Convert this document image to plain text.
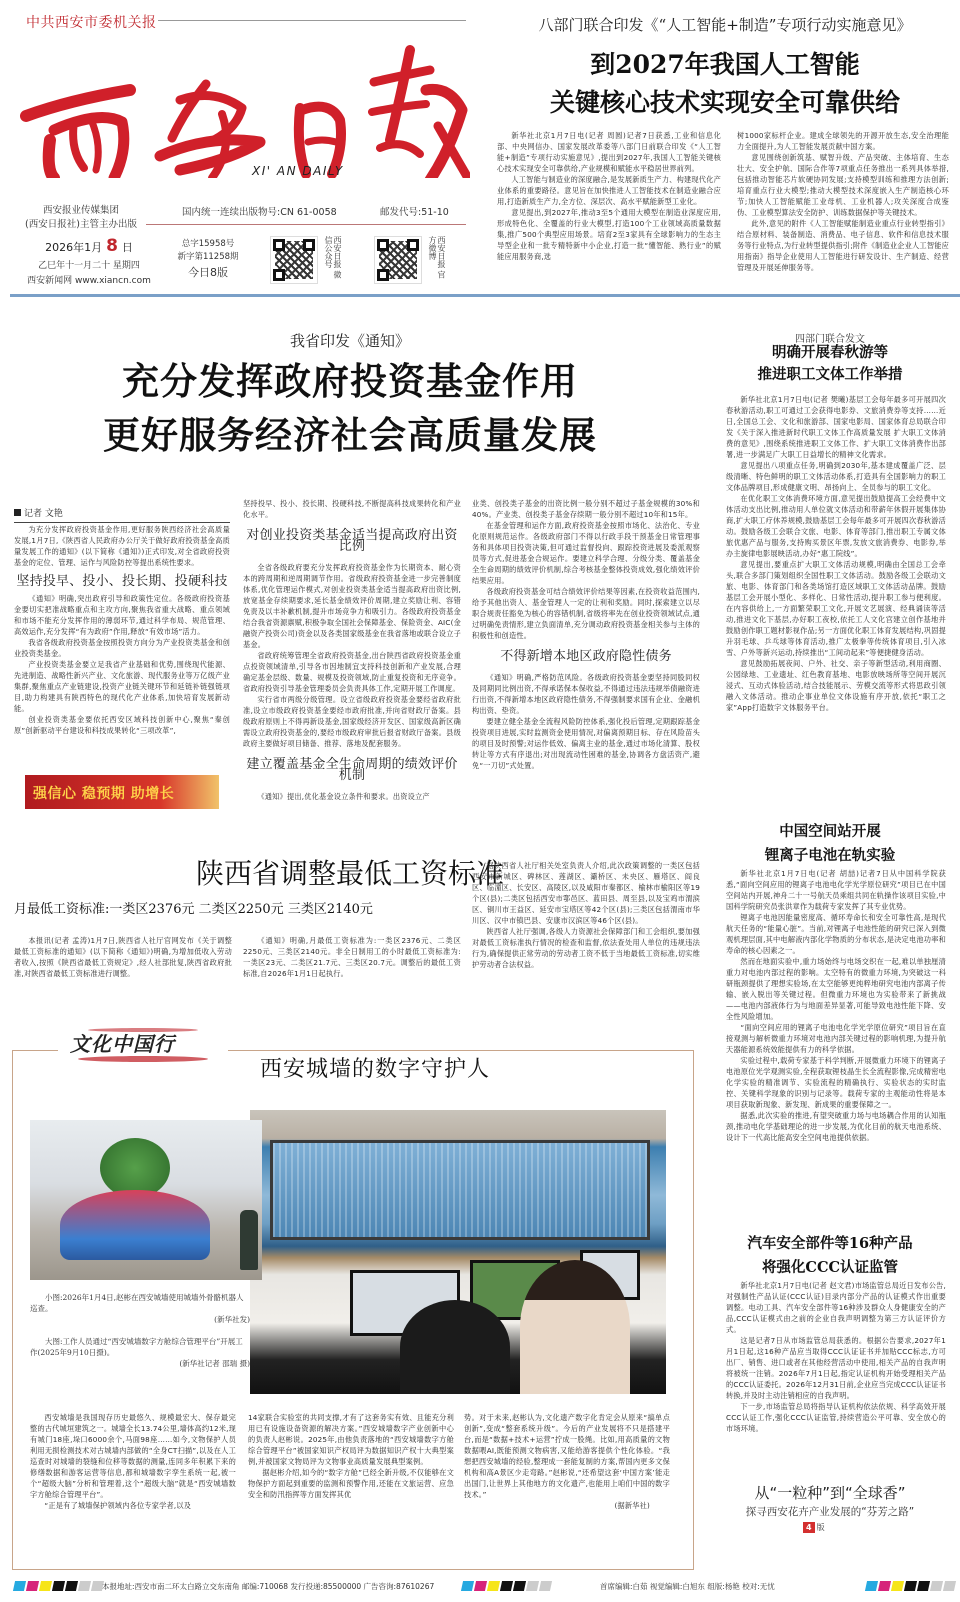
中共西安市委机关报
XI' AN DAILY
西安报业传媒集团
(西安日报社)主管主办出版
国内统一连续出版物号:CN 61-0058	邮发代号:51-10
2026年1月 8 日
乙巳年十一月二十 星期四
西安新闻网 www.xiancn.com
总字15958号
新字第11258期
今日8版	西安日报 微信公众号	西安日报 官方微博
八部门联合印发《“人工智能+制造”专项行动实施意见》
到2027年我国人工智能
关键核心技术实现安全可靠供给

新华社北京1月7日电(记者 周圆)记者7日获悉,工业和信息化部、中央网信办、国家发展改革委等八部门日前联合印发《“人工智能+制造”专项行动实施意见》,提出到2027年,我国人工智能关键核心技术实现安全可靠供给,产业规模和赋能水平稳居世界前列。

人工智能与制造业的深度融合,是发展新质生产力、构建现代化产业体系的重要路径。意见旨在加快推进人工智能技术在制造业融合应用,打造新质生产力,全方位、深层次、高水平赋能新型工业化。

意见提出,到2027年,推动3至5个通用大模型在制造业深度应用,形成特色化、全覆盖的行业大模型,打造100个工业领域高质量数据集,推广500个典型应用场景。培育2至3家具有全球影响力的生态主导型企业和一批专精特新中小企业,打造一批“懂智能、熟行业”的赋能应用服务商,选

树1000家标杆企业。建成全球领先的开源开放生态,安全治理能力全面提升,为人工智能发展贡献中国方案。

意见围绕创新筑基、赋智升级、产品突破、主体培育、生态壮大、安全护航、国际合作等7项重点任务推出一系列具体举措,包括推动智能芯片软硬协同发展;支持模型训练和推理方法创新;培育重点行业大模型;推动大模型技术深度嵌入生产制造核心环节;加快人工智能赋能工业母机、工业机器人;攻关深度合成鉴伪、工业模型算法安全防护、训练数据保护等关键技术。

此外,意见的附件《人工智能赋能制造业重点行业转型指引》结合原材料、装备制造、消费品、电子信息、软件和信息技术服务等行业特点,为行业转型提供指引;附件《制造业企业人工智能应用指南》指导企业使用人工智能进行研发设计、生产制造、经营管理及开展延伸服务等。

我省印发《通知》
充分发挥政府投资基金作用
更好服务经济社会高质量发展
记者 文艳

为充分发挥政府投资基金作用,更好服务陕西经济社会高质量发展,1月7日,《陕西省人民政府办公厅关于做好政府投资基金高质量发展工作的通知》(以下简称《通知》)正式印发,对全省政府投资基金的定位、管理、运作与风险防控等提出系统性要求。

坚持投早、投小、投长期、投硬科技

《通知》明确,突出政府引导和政策性定位。各级政府投资基金要切实把准战略重点和主攻方向,聚焦我省重大战略、重点领域和市场不能充分发挥作用的薄弱环节,通过科学布局、规范管理、高效运作,充分发挥“有为政府”作用,释放“有效市场”活力。

我省各级政府投资基金按照投资方向分为产业投资类基金和创业投资类基金。

产业投资类基金要立足我省产业基础和优势,围绕现代能源、先进制造、战略性新兴产业、文化旅游、现代服务业等万亿级产业集群,聚焦重点产业链建设,投资产业链关键环节和延链补链强链项目,助力构建具有陕西特色的现代化产业体系,加快培育发展新动能。

创业投资类基金要依托西安区域科技创新中心,聚焦“秦创原”创新驱动平台建设和科技成果转化“三项改革”,

强信心 稳预期 助增长

坚持投早、投小、投长期、投硬科技,不断提高科技成果转化和产业化水平。

对创业投资类基金适当提高政府出资比例

全省各级政府要充分发挥政府投资基金作为长期资本、耐心资本的跨周期和逆周期调节作用。省级政府投资基金进一步完善制度体系,优化管理运作模式,对创业投资类基金适当提高政府出资比例,放宽基金存续期要求,延长基金绩效评价周期,建立奖励让利、容错免责及以丰补歉机制,提升市场竞争力和吸引力。各级政府投资基金结合我省资源禀赋,积极争取全国社会保障基金、保险资金、AIC(金融资产投资公司)资金以及各类国家级基金在我省落地或联合设立子基金。

省政府统筹管理全省政府投资基金,出台陕西省政府投资基金重点投资领域清单,引导各市因地制宜支持科技创新和产业发展,合理确定基金层级、数量、规模及投资领域,防止重复投资和无序竞争。省政府投资引导基金管理委员会负责具体工作,定期开展工作调度。

实行省市两级分级管理。设立省级政府投资基金要经省政府批准,设立市级政府投资基金要经市政府批准,并向省财政厅备案。县级政府原则上不得再新设基金,国家级经济开发区、国家级高新区确需设立政府投资基金的,要经市级政府审批后报省财政厅备案。县级政府主要做好项目储备、推荐、落地及配套服务。

建立覆盖基金全生命周期的绩效评价机制

《通知》提出,优化基金设立条件和要求。出资设立产

业类、创投类子基金的出资比例一般分别不超过子基金规模的30%和40%。产业类、创投类子基金存续期一般分别不超过10年和15年。

在基金管理和运作方面,政府投资基金按照市场化、法治化、专业化原则规范运作。各级政府部门不得以行政手段干预基金日常管理事务和具体项目投资决策,但可通过监督投向、跟踪投资进展及委派观察员等方式,促进基金合规运作。要建立科学合理、分级分类、覆盖基金全生命周期的绩效评价机制,综合考核基金整体投资成效,强化绩效评价结果应用。

各级政府投资基金可结合绩效评价结果等因素,在投资收益范围内,给予其他出资人、基金管理人一定的让利和奖励。同时,探索建立以尽职合规责任豁免为核心的容错机制,省级将率先在创业投资领域试点,通过明确免责情形,建立负面清单,充分调动政府投资基金相关参与主体的积极性和创造性。

不得新增本地区政府隐性债务

《通知》明确,严格防范风险。各级政府投资基金要坚持同股同权及同期同比例出资,不得承诺保本保收益,不得通过违法违规举债融资进行出资,不得新增本地区政府隐性债务,不得强制要求国有企业、金融机构出资、垫资。

要建立健全基金全流程风险防控体系,强化投后管理,定期跟踪基金投资项目进展,实时监测资金使用情况,对偏离预期目标、存在风险苗头的项目及时预警;对运作低效、偏离主业的基金,通过市场化清算、股权转让等方式有序退出;对出现流动性困难的基金,协调各方盘活资产,避免“一刀切”式处置。

四部门联合发文
明确开展春秋游等
推进职工文体工作举措

新华社北京1月7日电(记者 樊曦)基层工会每年最多可开展四次春秋游活动,职工可通过工会获得电影券、文旅消费券等支持……近日,全国总工会、文化和旅游部、国家电影局、国家体育总局联合印发《关于深入推进新时代职工文体工作高质量发展 扩大职工文体消费的意见》,围绕系统推进职工文体工作、扩大职工文体消费作出部署,进一步满足广大职工日益增长的精神文化需求。

意见提出八项重点任务,明确到2030年,基本建成覆盖广泛、层级清晰、特色鲜明的职工文体活动体系,打造具有全国影响力的职工文体品牌项目,形成健康文明、昂扬向上、全员参与的职工文化。

在优化职工文体消费环境方面,意见提出鼓励提高工会经费中文体活动支出比例,推动用人单位就文体活动和带薪年休假开展集体协商,扩大职工疗休养规模,鼓励基层工会每年最多可开展四次春秋游活动。鼓励各级工会联合文旅、电影、体育等部门,推出职工专属文体旅优惠产品与服务,支持购买景区年票,发放文旅消费券、电影券,举办主旋律电影展映活动,办好“惠工院线”。

意见提出,要重点扩大职工文体活动规模,明确由全国总工会牵头,联合多部门策划组织全国性职工文体活动。鼓励各级工会联动文旅、电影、体育部门和各类场馆打造区域职工文体活动品牌。鼓励基层工会开展小型化、多样化、日常性活动,提升职工参与便利度。在内容供给上,一方面繁荣职工文化,开展文艺展演、经典诵读等活动,推进文化下基层,办好职工夜校,依托工人文化宫建立创作基地并鼓励创作职工题材影视作品;另一方面优化职工体育发展结构,巩固提升羽毛球、乒乓球等体育活动,推广太极拳等传统体育项目,引入冰雪、户外等新兴运动,持续推出“工间动起来”等便捷健身活动。

意见鼓励拓展夜间、户外、社交、亲子等新型活动,利用商圈、公园绿地、工业遗址、红色教育基地、电影放映场所等空间开展沉浸式、互动式体验活动,结合技能展示、劳模交流等形式将思政引领融入文体活动。推动企事业单位文体设施有序开放,依托“职工之家”App打造数字文体服务平台。

中国空间站开展
锂离子电池在轨实验

新华社北京1月7日电(记者 胡喆)记者7日从中国科学院获悉,“面向空间应用的锂离子电池电化学光学原位研究”项目已在中国空间站内开展,神舟二十一号航天员乘组共同在轨操作该项目实验,中国科学院研究员张洪章作为载荷专家发挥了其专业优势。

锂离子电池因能量密度高、循环寿命长和安全可靠性高,是现代航天任务的“能量心脏”。当前,对锂离子电池性能的研究已深入到微观机理层面,其中电解液内部化学物质的分布状态,是决定电池功率和寿命的核心因素之一。

然而在地面实验中,重力场始终与电场交织在一起,难以单独厘清重力对电池内部过程的影响。太空特有的微重力环境,为突破这一科研瓶颈提供了理想实验场,在太空能够更纯粹地研究电池内部离子传输、嵌入脱出等关键过程。但微重力环境也为实验带来了新挑战——电池内部液体行为与地面差异显著,可能导致电池性能下降、安全性风险增加。

“面向空间应用的锂离子电池电化学光学原位研究”项目旨在直接观测与解析微重力环境对电池内部关键过程的影响机理,为提升航天器能源系统效能提供有力的科学依据。

实验过程中,载荷专家基于科学判断,开展微重力环境下的锂离子电池原位光学观测实验,全程获取锂枝晶生长全流程影像,完成精密电化学实验的精准调节、实验流程的精确执行、实验状态的实时监控、关键科学现象的识别与记录等。载荷专家的主观能动性将是本项目获取新现象、新发现、新成果的重要保障之一。

据悉,此次实验的推进,有望突破重力场与电场耦合作用的认知瓶颈,推动电化学基础理论的进一步发展,为优化目前的航天电池系统、设计下一代高比能高安全空间电池提供依据。

汽车安全部件等16种产品
将强化CCC认证监管

新华社北京1月7日电(记者 赵文君)市场监管总局近日发布公告,对强制性产品认证(CCC认证)目录内部分产品的认证模式作出重要调整。电动工具、汽车安全部件等16种涉及群众人身健康安全的产品,CCC认证模式由之前的企业自我声明调整为第三方认证评价方式。

这是记者7日从市场监管总局获悉的。根据公告要求,2027年1月1日起,这16种产品应当取得CCC认证证书并加贴CCC标志,方可出厂、销售、进口或者在其他经营活动中使用,相关产品的自我声明将被统一注销。2026年7月1日起,指定认证机构开始受理相关产品的CCC认证委托。2026年12月31日前,企业应当完成CCC认证证书转换,并及时主动注销相应的自我声明。

下一步,市场监管总局将指导认证机构依法依规、科学高效开展CCC认证工作,强化CCC认证监管,持续营造公平可靠、安全放心的市场环境。

从“一粒种”到“全球香”
探寻西安花卉产业发展的“芬芳之路”
4 版
陕西省调整最低工资标准
月最低工资标准:一类区2376元 二类区2250元 三类区2140元

本报讯(记者 孟涛)1月7日,陕西省人社厅官网发布《关于调整最低工资标准的通知》(以下简称《通知》)明确,为增加低收入劳动者收入,按照《陕西省最低工资规定》,经人社部批复,陕西省政府批准,对陕西省最低工资标准进行调整。

《通知》明确,月最低工资标准为:一类区2376元、二类区2250元、三类区2140元。非全日制用工的小时最低工资标准为:一类区23元、二类区21.7元、三类区20.7元。调整后的最低工资标准,自2026年1月1日起执行。

据陕西省人社厅相关处室负责人介绍,此次政策调整的一类区包括西安市新城区、碑林区、莲湖区、灞桥区、未央区、雁塔区、阎良区、临潼区、长安区、高陵区,以及咸阳市秦都区、榆林市榆阳区等19个区(县);二类区包括西安市鄠邑区、蓝田县、周至县,以及宝鸡市渭滨区、铜川市王益区、延安市宝塔区等42个区(县);三类区包括渭南市华川区、汉中市镇巴县、安康市汉滨区等46个区(县)。

陕西省人社厅强调,各级人力资源社会保障部门和工会组织,要加强对最低工资标准执行情况的检查和监督,依法查处用人单位的违规违法行为,确保提供正常劳动的劳动者工资不低于当地最低工资标准,切实维护劳动者合法权益。

文化中国行
西安城墙的数字守护人

小图:2026年1月4日,赵彬在西安城墙使用城墙外骨骼机器人巡查。

(新华社发)

大图:工作人员通过“西安城墙数字方舱综合管理平台”开展工作(2025年9月10日摄)。

(新华社记者 邵瑞 摄)

西安城墙是我国现存历史最悠久、规模最宏大、保存最完整的古代城垣建筑之一。城墙全长13.74公里,墙体高约12米,现有城门18座,垛口6000余个,马面98座……如今,文物保护人员利用无损检测技术对古城墙内部做的“全身CT扫描”,以及在人工巡查时对城墙的裂缝和位移等数据的测量,连同多年积累下来的修缮数据和游客运营等信息,都和城墙数字孪生系统一起,被一个“超级大脑”分析和管理着,这个“超级大脑”就是“西安城墙数字方舱综合管理平台”。

“正是有了城墙保护领域内各位专家学者,以及

14家联合实验室的共同支撑,才有了这套务实有效、且能充分利用已有设施设备资源的解决方案。”西安城墙数字产业创新中心的负责人赵彬说。2025年,由他负责落地的“西安城墙数字方舱综合管理平台”被国家知识产权局评为数据知识产权十大典型案例,并被国家文物局评为文物事业高质量发展典型案例。

据赵彬介绍,如今的“数字方舱”已经全新升级,不仅能够在文物保护方面起到重要的监测和预警作用,还能在文旅运营、应急安全和防汛指挥等方面发挥其优

势。对于未来,赵彬认为,文化遗产数字化肯定会从原来“搞单点创新”,变成“整套系统升级”。今后的产业发展将不只是搭建平台,而是“数据+技术+运营”拧成一股绳。比如,用高质量的文物数据喂AI,既能预测文物病害,又能给游客提供个性化体验。“我想把西安城墙的经验,整理成一套能复制的方案,帮国内更多文保机构和高A景区少走弯路。”赵彬说,“还希望这套‘中国方案’能走出国门,让世界上其他地方的文化遗产,也能用上咱们中国的数字技术。”

(据新华社)
本报地址:西安市南二环太白路立交东南角 邮编:710068 发行投递:85500000 广告咨询:87610267	首席编辑:白茹 视觉编辑:白旭东 组版:杨艳 校对:无忧
